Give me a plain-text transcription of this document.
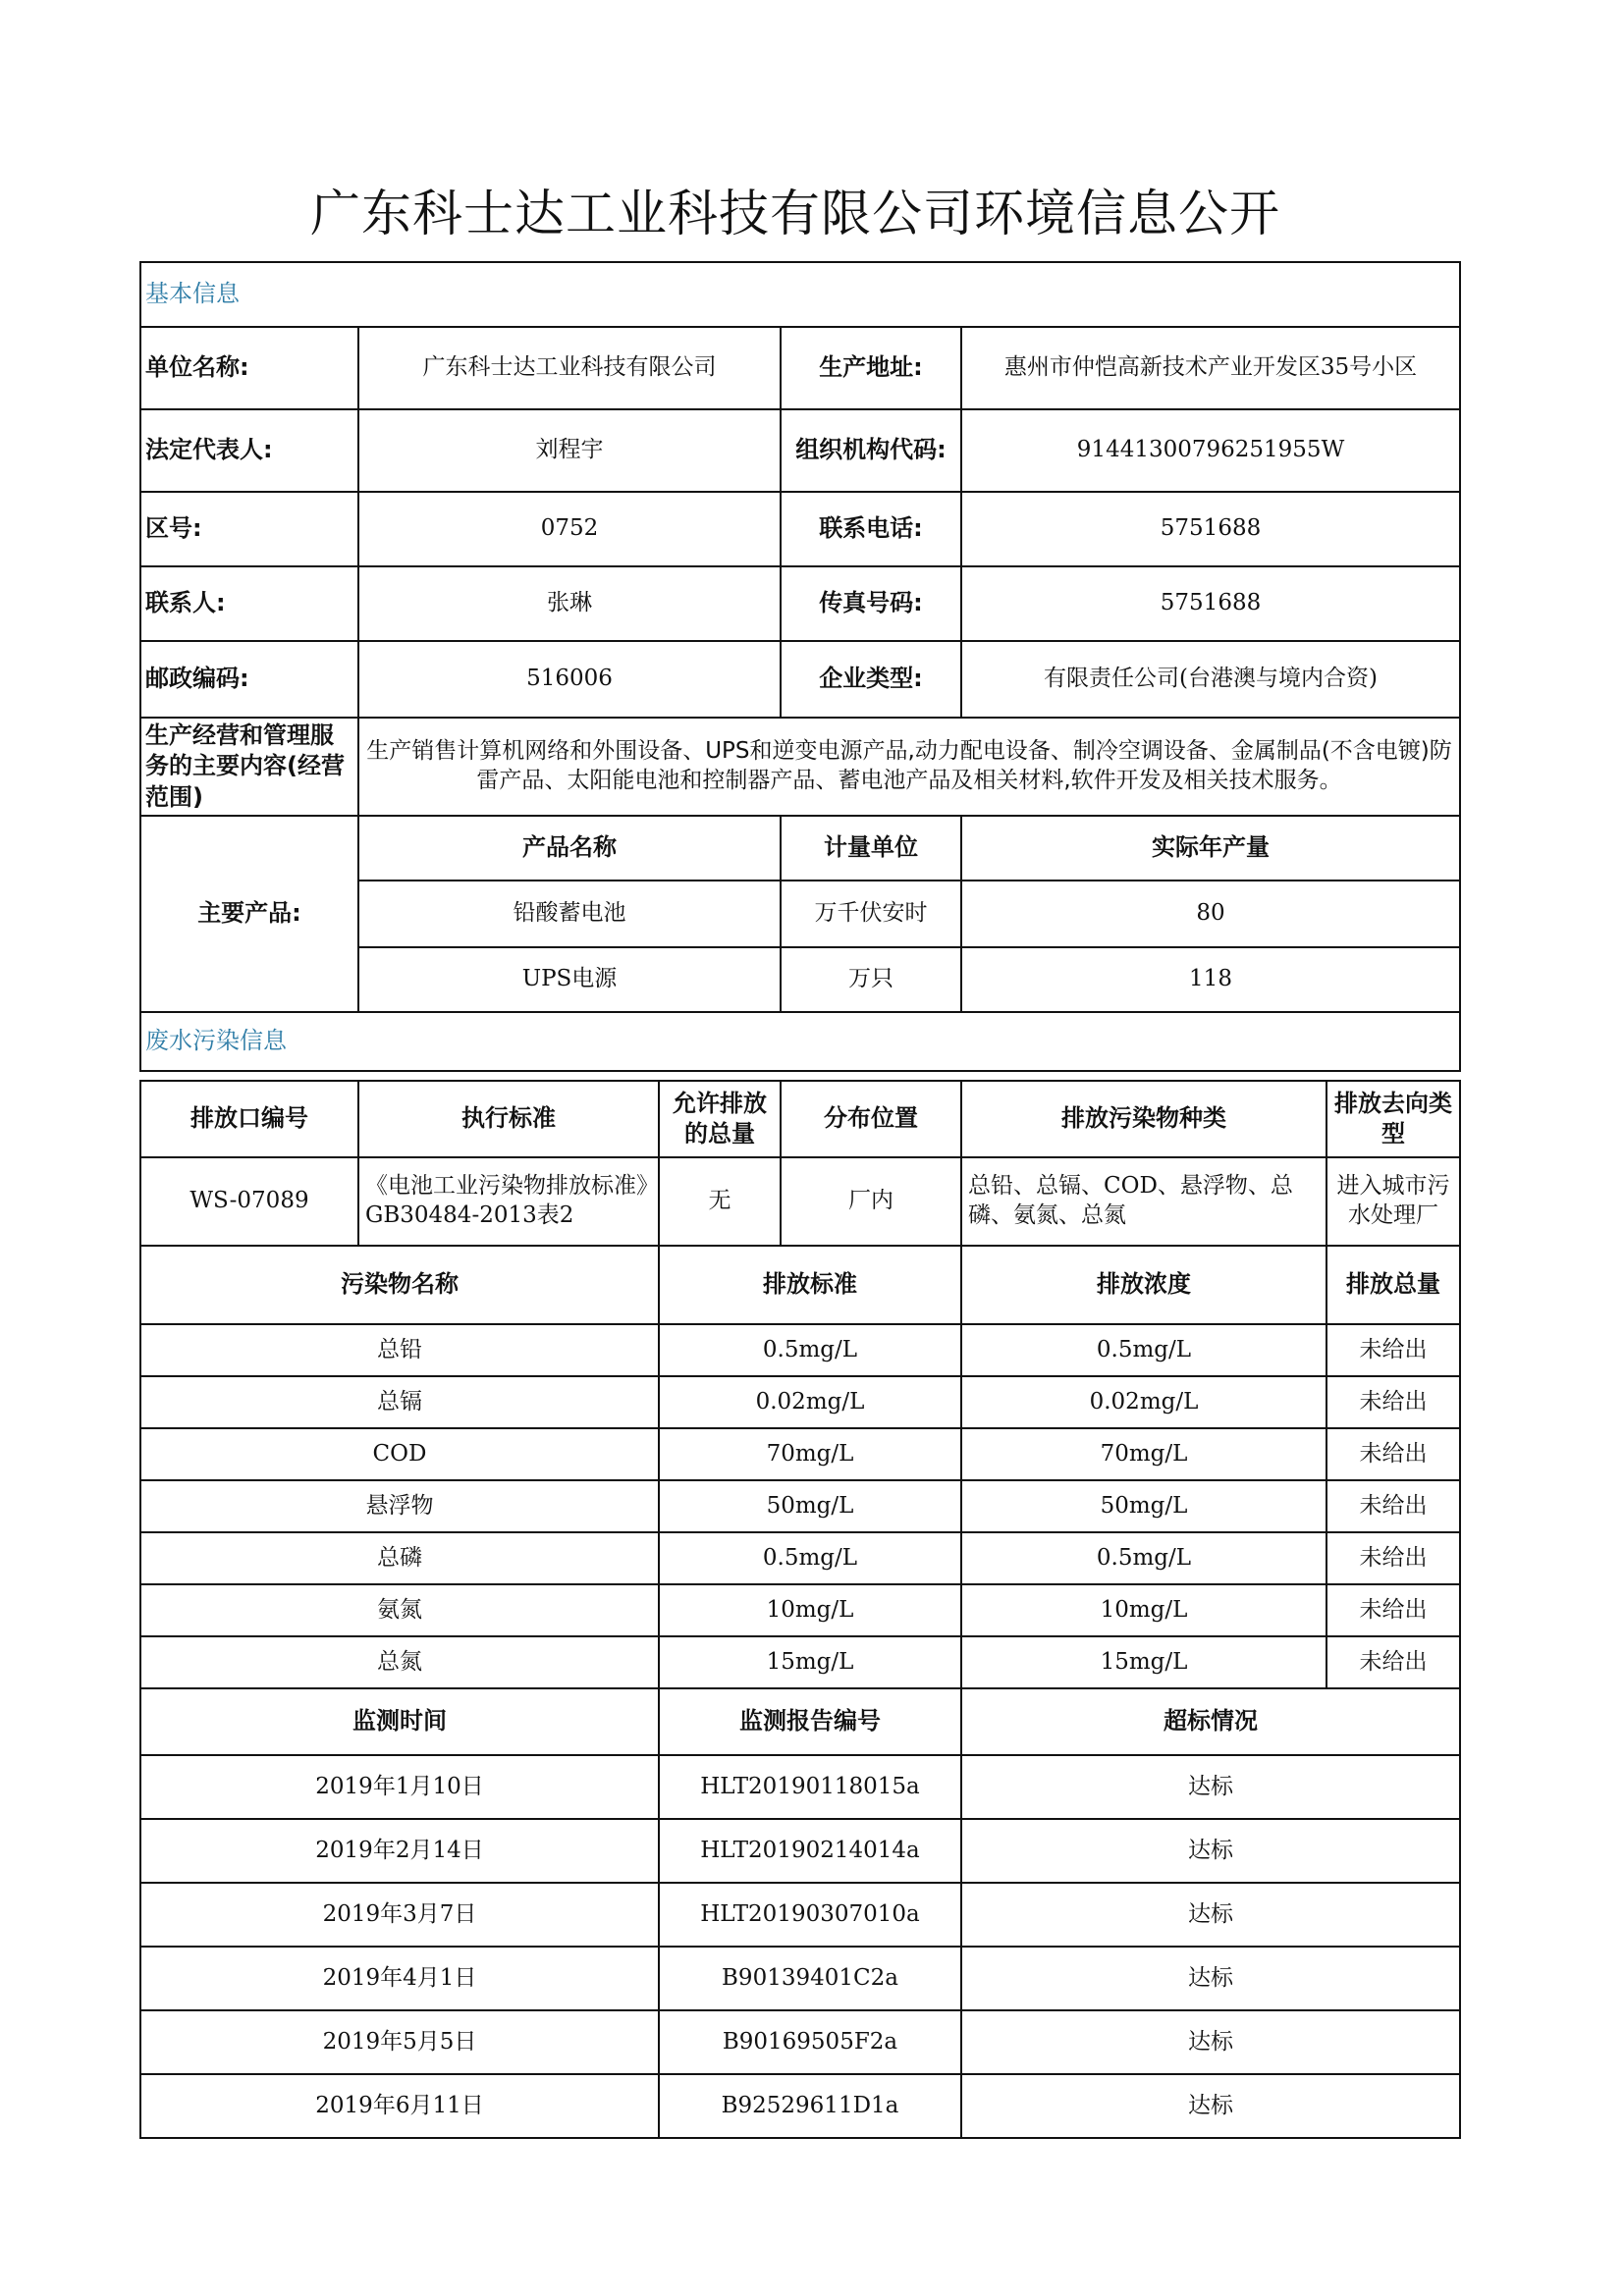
广东科士达工业科技有限公司环境信息公开
基本信息			
单位名称:	广东科士达工业科技有限公司	生产地址:	惠州市仲恺高新技术产业开发区35号小区
法定代表人:	刘程宇	组织机构代码:	91441300796251955W
区号:	0752	联系电话:	5751688
联系人:	张琳	传真号码:	5751688
邮政编码:	516006	企业类型:	有限责任公司(台港澳与境内合资)
生产经营和管理服务的主要内容(经营范围)	生产销售计算机网络和外围设备、UPS和逆变电源产品,动力配电设备、制冷空调设备、金属制品(不含电镀)防雷产品、太阳能电池和控制器产品、蓄电池产品及相关材料,软件开发及相关技术服务。		
主要产品:	产品名称	计量单位	实际年产量
	铅酸蓄电池	万千伏安时	80
	UPS电源	万只	118
废水污染信息			
排放口编号	执行标准	允许排放的总量	分布位置	排放污染物种类	排放去向类型
WS-07089	《电池工业污染物排放标准》GB30484-2013表2	无	厂内	总铅、总镉、COD、悬浮物、总磷、氨氮、总氮	进入城市污水处理厂
污染物名称	排放标准	排放浓度	排放总量
总铅	0.5mg/L	0.5mg/L	未给出
总镉	0.02mg/L	0.02mg/L	未给出
COD	70mg/L	70mg/L	未给出
悬浮物	50mg/L	50mg/L	未给出
总磷	0.5mg/L	0.5mg/L	未给出
氨氮	10mg/L	10mg/L	未给出
总氮	15mg/L	15mg/L	未给出
监测时间	监测报告编号	超标情况
2019年1月10日	HLT20190118015a	达标
2019年2月14日	HLT20190214014a	达标
2019年3月7日	HLT20190307010a	达标
2019年4月1日	B90139401C2a	达标
2019年5月5日	B90169505F2a	达标
2019年6月11日	B92529611D1a	达标
